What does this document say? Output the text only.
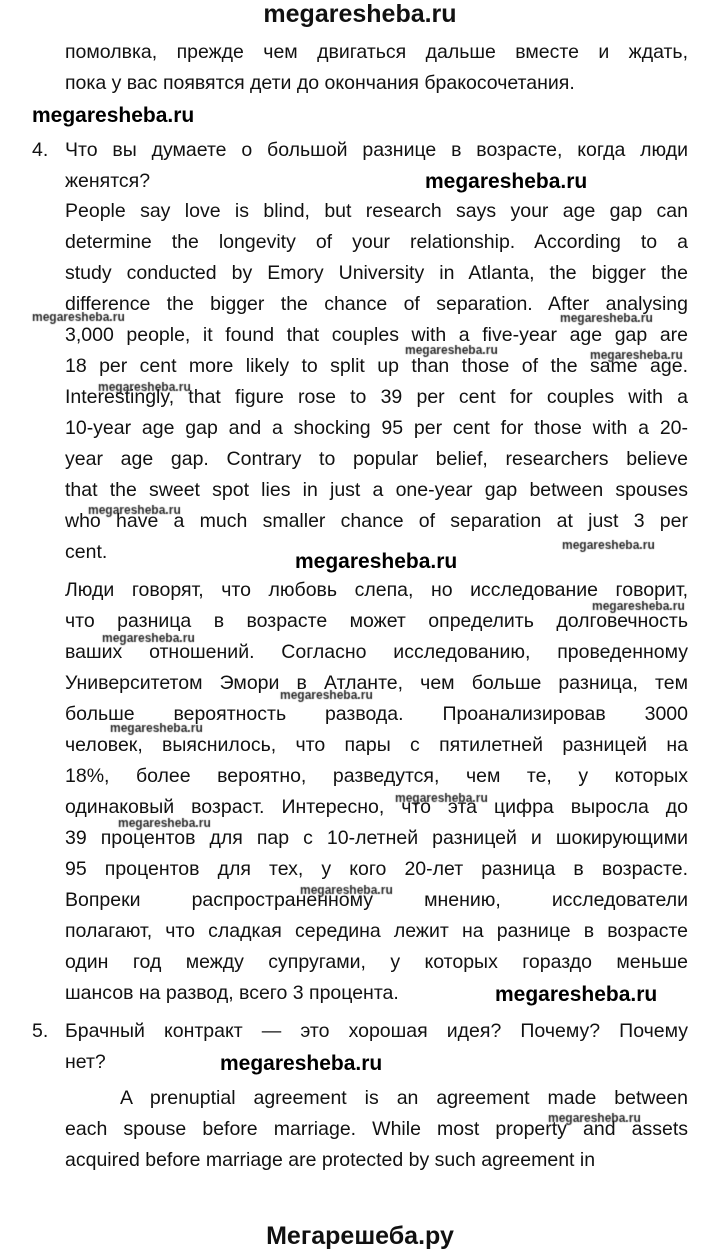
megaresheba.ru
Мегарешеба.ру
помолвка, прежде чем двигаться дальше вместе и ждать,
пока у вас появятся дети до окончания бракосочетания.
4. Что вы думаете о большой разнице в возрасте, когда люди
женятся?
People say love is blind, but research says your age gap can
determine the longevity of your relationship. According to a
study conducted by Emory University in Atlanta, the bigger the
difference the bigger the chance of separation. After analysing
3,000 people, it found that couples with a five-year age gap are
18 per cent more likely to split up than those of the same age.
Interestingly, that figure rose to 39 per cent for couples with a
10-year age gap and a shocking 95 per cent for those with a 20-
year age gap. Contrary to popular belief, researchers believe
that the sweet spot lies in just a one-year gap between spouses
who have a much smaller chance of separation at just 3 per
cent.
Люди говорят, что любовь слепа, но исследование говорит,
что разница в возрасте может определить долговечность
ваших отношений. Согласно исследованию, проведенному
Университетом Эмори в Атланте, чем больше разница, тем
больше вероятность развода. Проанализировав 3000
человек, выяснилось, что пары с пятилетней разницей на
18%, более вероятно, разведутся, чем те, у которых
одинаковый возраст. Интересно, что эта цифра выросла до
39 процентов для пар с 10-летней разницей и шокирующими
95 процентов для тех, у кого 20-лет разница в возрасте.
Вопреки распространенному мнению, исследователи
полагают, что сладкая середина лежит на разнице в возрасте
один год между супругами, у которых гораздо меньше
шансов на развод, всего 3 процента.
5. Брачный контракт — это хорошая идея? Почему? Почему
нет?
A prenuptial agreement is an agreement made between
each spouse before marriage. While most property and assets
acquired before marriage are protected by such agreement in
megaresheba.ru
megaresheba.ru
megaresheba.ru
megaresheba.ru
megaresheba.ru
